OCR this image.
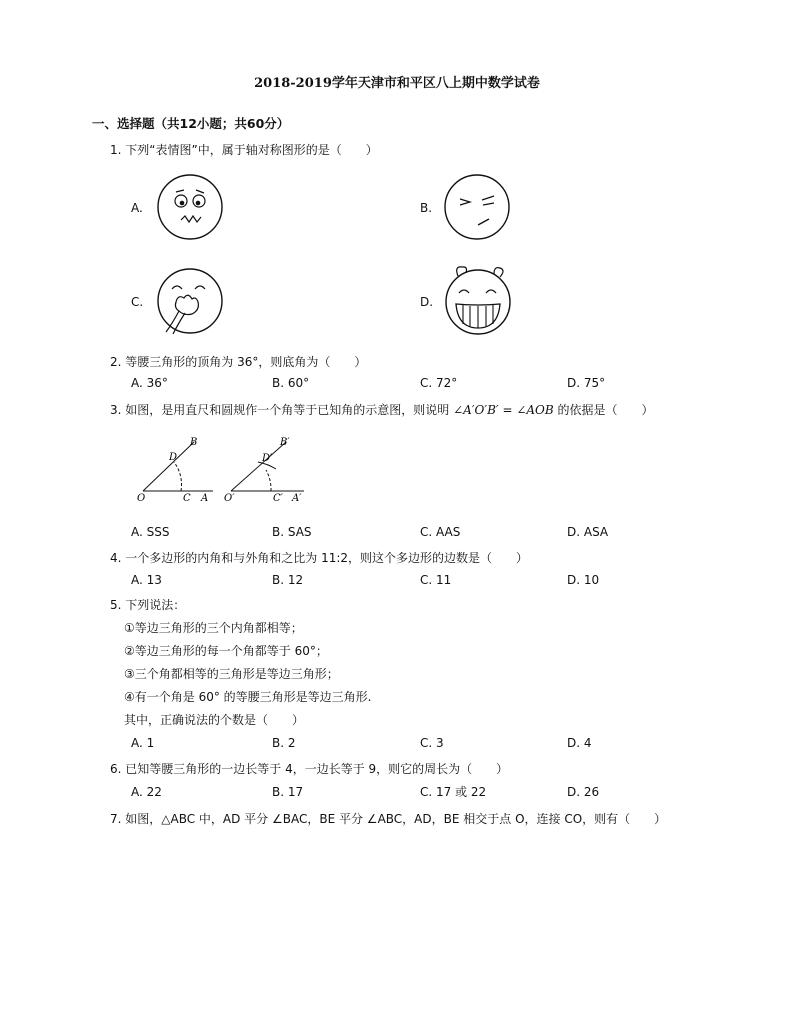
2018-2019学年天津市和平区八上期中数学试卷
一、选择题（共12小题；共60分）
1. 下列“表情图”中，属于轴对称图形的是（　　）
A.	B.
C.	D.
2. 等腰三角形的顶角为 36°，则底角为（　　）
A. 36°	B. 60°	C. 72°	D. 75°
3. 如图，是用直尺和圆规作一个角等于已知角的示意图，则说明 ∠A′O′B′ = ∠AOB 的依据是（　　）
O
B
D
C A O′
B′
D′
C′ A′
A. SSS	B. SAS	C. AAS	D. ASA
4. 一个多边形的内角和与外角和之比为 11:2，则这个多边形的边数是（　　）
A. 13	B. 12	C. 11	D. 10
5. 下列说法：
①等边三角形的三个内角都相等；
②等边三角形的每一个角都等于 60°；
③三个角都相等的三角形是等边三角形；
④有一个角是 60° 的等腰三角形是等边三角形.
其中，正确说法的个数是（　　）
A. 1	B. 2	C. 3	D. 4
6. 已知等腰三角形的一边长等于 4，一边长等于 9，则它的周长为（　　）
A. 22	B. 17	C. 17 或 22	D. 26
7. 如图，△ABC 中，AD 平分 ∠BAC，BE 平分 ∠ABC，AD，BE 相交于点 O，连接 CO，则有（　　）
